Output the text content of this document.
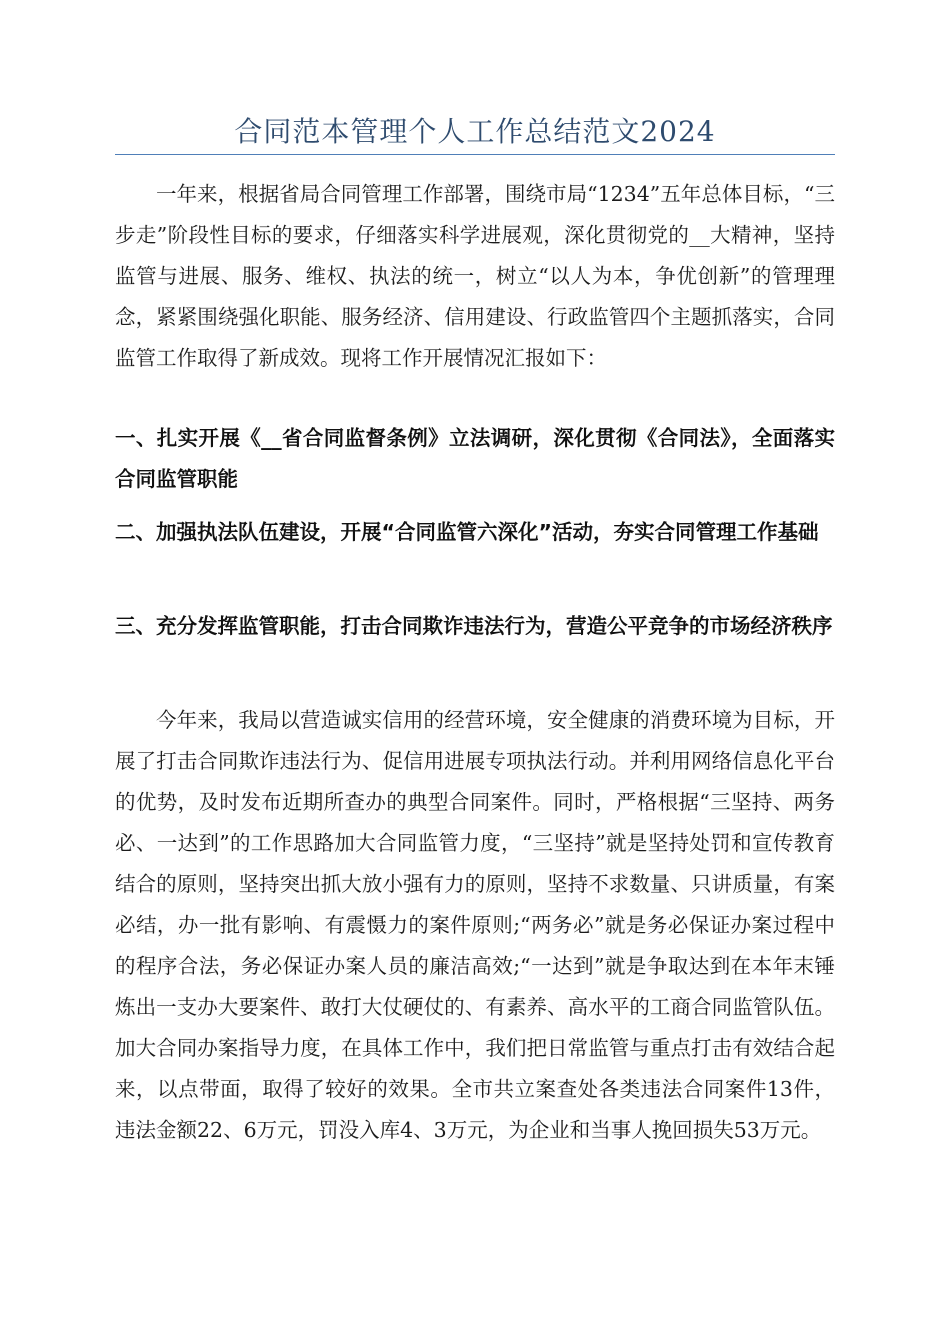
合同范本管理个人工作总结范文2024

一年来，根据省局合同管理工作部署，围绕市局“1234”五年总体目标，“三步走”阶段性目标的要求，仔细落实科学进展观，深化贯彻党的__大精神，坚持监管与进展、服务、维权、执法的统一，树立“以人为本，争优创新”的管理理念，紧紧围绕强化职能、服务经济、信用建设、行政监管四个主题抓落实，合同监管工作取得了新成效。现将工作开展情况汇报如下：

一、扎实开展《__省合同监督条例》立法调研，深化贯彻《合同法》，全面落实合同监管职能

二、加强执法队伍建设，开展“合同监管六深化”活动，夯实合同管理工作基础

三、充分发挥监管职能，打击合同欺诈违法行为，营造公平竞争的市场经济秩序

今年来，我局以营造诚实信用的经营环境，安全健康的消费环境为目标，开展了打击合同欺诈违法行为、促信用进展专项执法行动。并利用网络信息化平台的优势，及时发布近期所查办的典型合同案件。同时，严格根据“三坚持、两务必、一达到”的工作思路加大合同监管力度，“三坚持”就是坚持处罚和宣传教育结合的原则，坚持突出抓大放小强有力的原则，坚持不求数量、只讲质量，有案必结，办一批有影响、有震慑力的案件原则;“两务必”就是务必保证办案过程中的程序合法，务必保证办案人员的廉洁高效;“一达到”就是争取达到在本年末锤炼出一支办大要案件、敢打大仗硬仗的、有素养、高水平的工商合同监管队伍。加大合同办案指导力度，在具体工作中，我们把日常监管与重点打击有效结合起来，以点带面，取得了较好的效果。全市共立案查处各类违法合同案件13件，违法金额22、6万元，罚没入库4、3万元，为企业和当事人挽回损失53万元。
